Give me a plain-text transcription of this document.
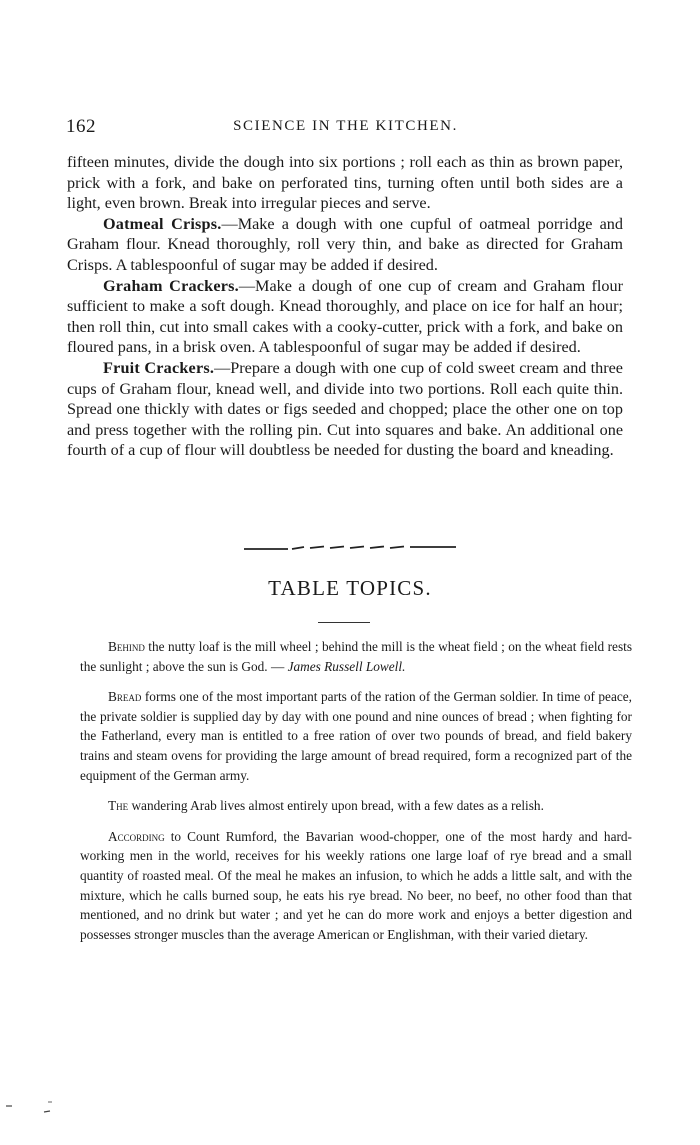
162	SCIENCE IN THE KITCHEN.

fifteen minutes, divide the dough into six portions ; roll each as thin as brown paper, prick with a fork, and bake on perforated tins, turning often until both sides are a light, even brown. Break into irregular pieces and serve.

Oatmeal Crisps.—Make a dough with one cupful of oatmeal porridge and Graham flour. Knead thoroughly, roll very thin, and bake as directed for Graham Crisps. A tablespoonful of sugar may be added if desired.

Graham Crackers.—Make a dough of one cup of cream and Graham flour sufficient to make a soft dough. Knead thoroughly, and place on ice for half an hour; then roll thin, cut into small cakes with a cooky-cutter, prick with a fork, and bake on floured pans, in a brisk oven. A tablespoonful of sugar may be added if desired.

Fruit Crackers.—Prepare a dough with one cup of cold sweet cream and three cups of Graham flour, knead well, and divide into two portions. Roll each quite thin. Spread one thickly with dates or figs seeded and chopped; place the other one on top and press together with the rolling pin. Cut into squares and bake. An additional one fourth of a cup of flour will doubtless be needed for dusting the board and kneading.

TABLE TOPICS.

Behind the nutty loaf is the mill wheel ; behind the mill is the wheat field ; on the wheat field rests the sunlight ; above the sun is God. — James Russell Lowell.

Bread forms one of the most important parts of the ration of the German soldier. In time of peace, the private soldier is supplied day by day with one pound and nine ounces of bread ; when fighting for the Fatherland, every man is entitled to a free ration of over two pounds of bread, and field bakery trains and steam ovens for providing the large amount of bread required, form a recognized part of the equipment of the German army.

The wandering Arab lives almost entirely upon bread, with a few dates as a relish.

According to Count Rumford, the Bavarian wood-chopper, one of the most hardy and hard-working men in the world, receives for his weekly rations one large loaf of rye bread and a small quantity of roasted meal. Of the meal he makes an infusion, to which he adds a little salt, and with the mixture, which he calls burned soup, he eats his rye bread. No beer, no beef, no other food than that mentioned, and no drink but water ; and yet he can do more work and enjoys a better digestion and possesses stronger muscles than the average American or Englishman, with their varied dietary.
